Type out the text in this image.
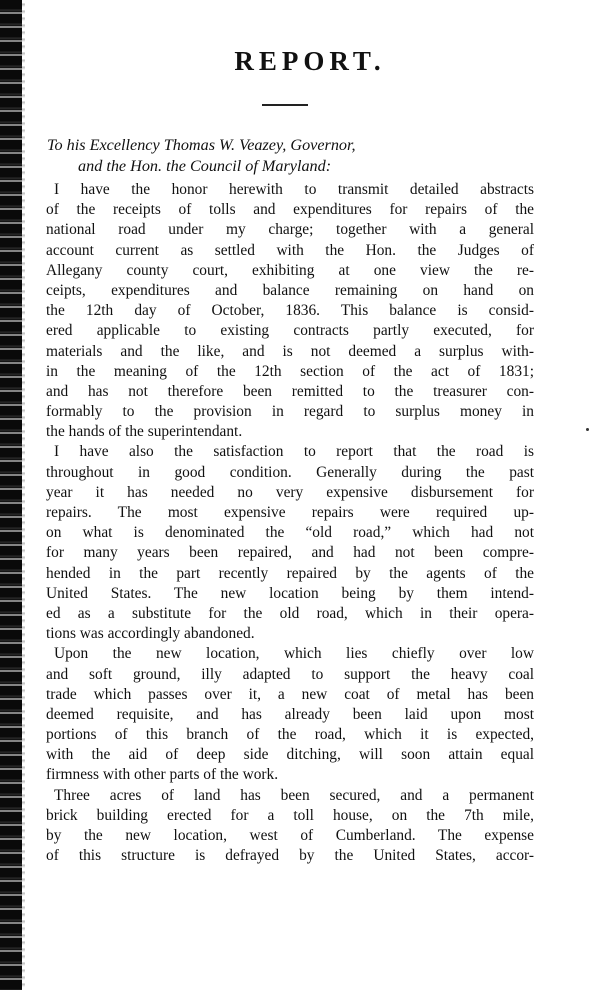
REPORT.
To his Excellency Thomas W. Veazey, Governor,
and the Hon. the Council of Maryland:
I have the honor herewith to transmit detailed abstracts
of the receipts of tolls and expenditures for repairs of the
national road under my charge; together with a general
account current as settled with the Hon. the Judges of
Allegany county court, exhibiting at one view the re-
ceipts, expenditures and balance remaining on hand on
the 12th day of October, 1836. This balance is consid-
ered applicable to existing contracts partly executed, for
materials and the like, and is not deemed a surplus with-
in the meaning of the 12th section of the act of 1831;
and has not therefore been remitted to the treasurer con-
formably to the provision in regard to surplus money in
the hands of the superintendant.
I have also the satisfaction to report that the road is
throughout in good condition. Generally during the past
year it has needed no very expensive disbursement for
repairs. The most expensive repairs were required up-
on what is denominated the “old road,” which had not
for many years been repaired, and had not been compre-
hended in the part recently repaired by the agents of the
United States. The new location being by them intend-
ed as a substitute for the old road, which in their opera-
tions was accordingly abandoned.
Upon the new location, which lies chiefly over low
and soft ground, illy adapted to support the heavy coal
trade which passes over it, a new coat of metal has been
deemed requisite, and has already been laid upon most
portions of this branch of the road, which it is expected,
with the aid of deep side ditching, will soon attain equal
firmness with other parts of the work.
Three acres of land has been secured, and a permanent
brick building erected for a toll house, on the 7th mile,
by the new location, west of Cumberland. The expense
of this structure is defrayed by the United States, accor-
